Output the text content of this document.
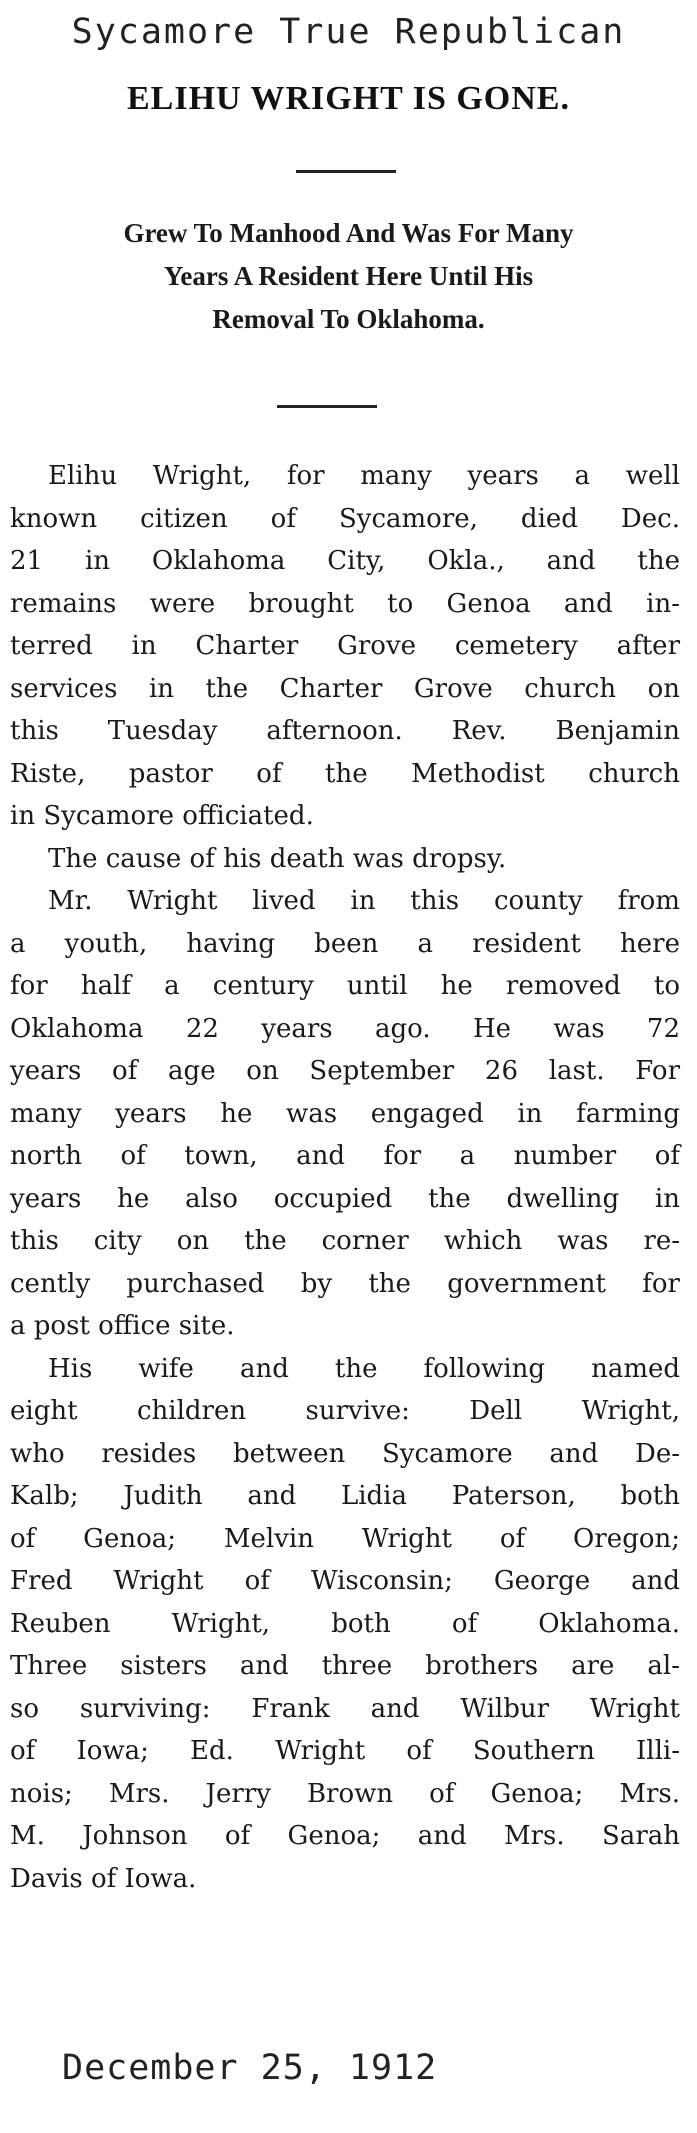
Sycamore True Republican
ELIHU WRIGHT IS GONE.
Grew To Manhood And Was For Many
Years A Resident Here Until His
Removal To Oklahoma.
Elihu Wright, for many years a well
known citizen of Sycamore, died Dec.
21 in Oklahoma City, Okla., and the
remains were brought to Genoa and in-
terred in Charter Grove cemetery after
services in the Charter Grove church on
this Tuesday afternoon. Rev. Benjamin
Riste, pastor of the Methodist church
in Sycamore officiated.
The cause of his death was dropsy.
Mr. Wright lived in this county from
a youth, having been a resident here
for half a century until he removed to
Oklahoma 22 years ago. He was 72
years of age on September 26 last. For
many years he was engaged in farming
north of town, and for a number of
years he also occupied the dwelling in
this city on the corner which was re-
cently purchased by the government for
a post office site.
His wife and the following named
eight children survive: Dell Wright,
who resides between Sycamore and De-
Kalb; Judith and Lidia Paterson, both
of Genoa; Melvin Wright of Oregon;
Fred Wright of Wisconsin; George and
Reuben Wright, both of Oklahoma.
Three sisters and three brothers are al-
so surviving: Frank and Wilbur Wright
of Iowa; Ed. Wright of Southern Illi-
nois; Mrs. Jerry Brown of Genoa; Mrs.
M. Johnson of Genoa; and Mrs. Sarah
Davis of Iowa.
December 25, 1912
